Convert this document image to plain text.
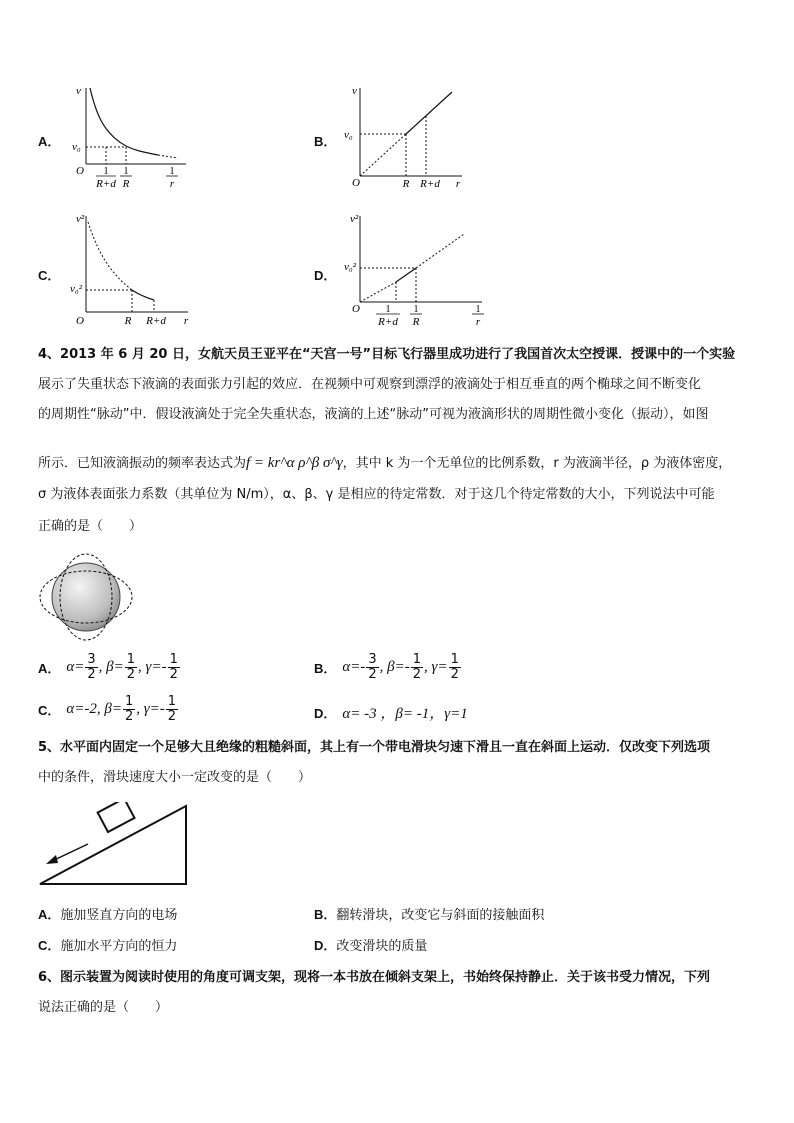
A．
v
v₀
O 1
R+d
1
R
1
r
B．
v
v₀
O	R R+d r
C．
v²
v₀²
O	R R+d r
D．
v²
v₀²
O	1
R+d
1
R
1
r
4、2013 年 6 月 20 日，女航天员王亚平在“天宫一号”目标飞行器里成功进行了我国首次太空授课．授课中的一个实验
展示了失重状态下液滴的表面张力引起的效应．在视频中可观察到漂浮的液滴处于相互垂直的两个椭球之间不断变化
的周期性“脉动”中．假设液滴处于完全失重状态，液滴的上述“脉动”可视为液滴形状的周期性微小变化（振动），如图
所示．已知液滴振动的频率表达式为f = kr^α ρ^β σ^γ，其中 k 为一个无单位的比例系数，r 为液滴半径，ρ 为液体密度，
σ 为液体表面张力系数（其单位为 N/m），α、β、γ 是相应的待定常数．对于这几个待定常数的大小，下列说法中可能
正确的是（　　）
A． $\alpha= \frac{3}{2}$ , $\beta= \frac{1}{2}$ , $\gamma=- \frac{1}{2}$	B． $\alpha=- \frac{3}{2}$ , $\beta=- \frac{1}{2}$ , $\gamma= \frac{1}{2}$
C． α=-2, $\beta= \frac{1}{2}$ , $\gamma=- \frac{1}{2}$	D． α= -3 ，β= -1，γ=1
5、水平面内固定一个足够大且绝缘的粗糙斜面，其上有一个带电滑块匀速下滑且一直在斜面上运动．仅改变下列选项
中的条件，滑块速度大小一定改变的是（　　）
A．施加竖直方向的电场	B．翻转滑块，改变它与斜面的接触面积
C．施加水平方向的恒力	D．改变滑块的质量
6、图示装置为阅读时使用的角度可调支架，现将一本书放在倾斜支架上，书始终保持静止．关于该书受力情况，下列
说法正确的是（　　）
